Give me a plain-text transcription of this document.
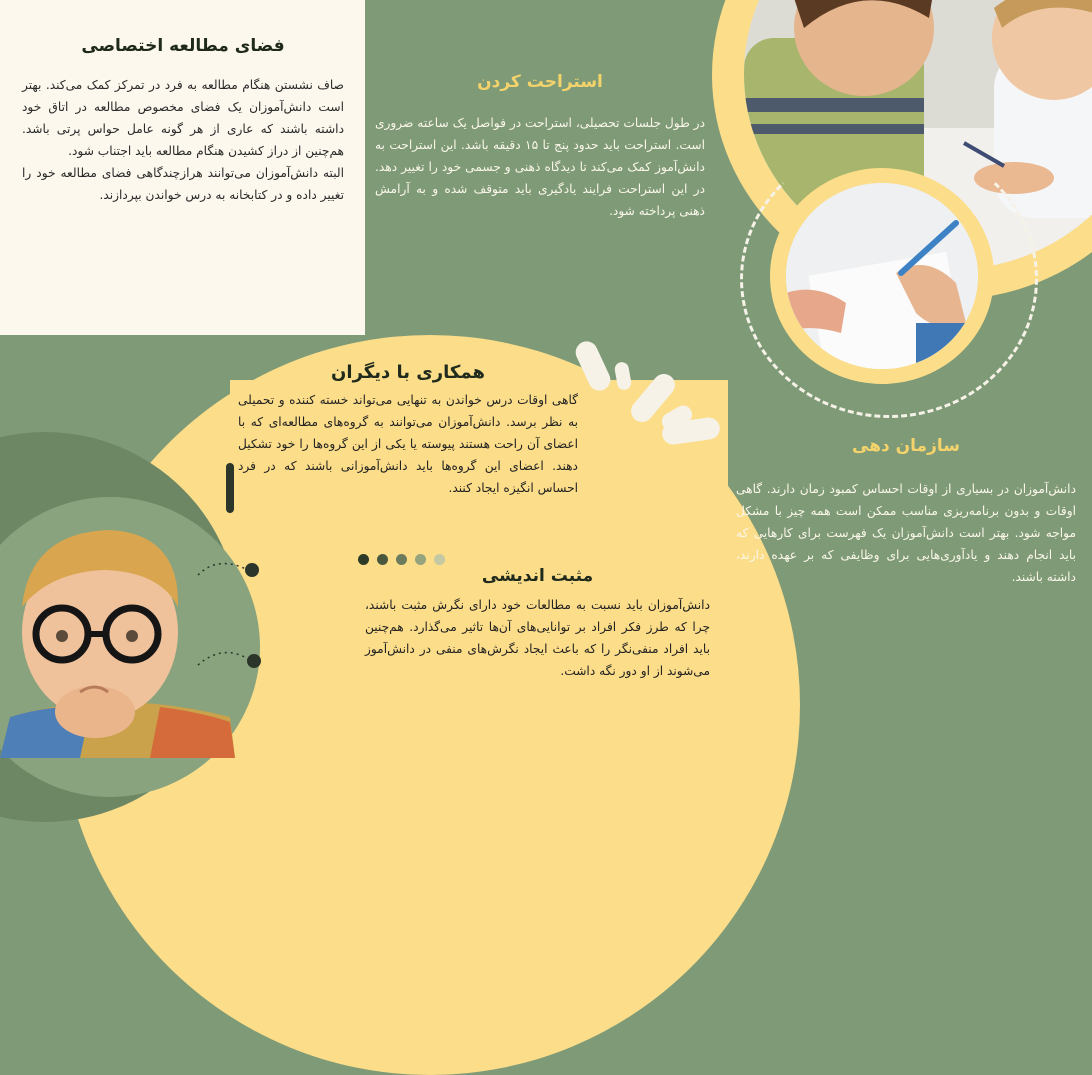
فضای مطالعه اختصاصی

صاف نشستن هنگام مطالعه به فرد در تمرکز کمک می‌کند. بهتر است دانش‌آموزان یک فضای مخصوص مطالعه در اتاق خود داشته باشند که عاری از هر گونه عامل حواس پرتی باشد. هم‌چنین از دراز کشیدن هنگام مطالعه باید اجتناب شود.

البته دانش‌آموزان می‌توانند هرازچندگاهی فضای مطالعه خود را تغییر داده و در کتابخانه به درس خواندن بپردازند.

استراحت کردن

در طول جلسات تحصیلی، استراحت در فواصل یک ساعته ضروری است. استراحت باید حدود پنج تا ۱۵ دقیقه باشد. این استراحت به دانش‌آموز کمک می‌کند تا دیدگاه ذهنی و جسمی خود را تغییر دهد. در این استراحت فرایند یادگیری باید متوقف شده و به آرامش ذهنی پرداخته شود.

همکاری با دیگران

گاهی اوقات درس خواندن به تنهایی می‌تواند خسته کننده و تحمیلی به نظر برسد. دانش‌آموزان می‌توانند به گروه‌های مطالعه‌ای که با اعضای آن راحت هستند پیوسته یا یکی از این گروه‌ها را خود تشکیل دهند. اعضای این گروه‌ها باید دانش‌آموزانی باشند که در فرد احساس انگیزه ایجاد کنند.

مثبت اندیشی

دانش‌آموزان باید نسبت به مطالعات خود دارای نگرش مثبت باشند، چرا که طرز فکر افراد بر توانایی‌های آن‌ها تاثیر می‌گذارد. هم‌چنین باید افراد منفی‌نگر را که باعث ایجاد نگرش‌های منفی در دانش‌آموز می‌شوند از او دور نگه داشت.

سازمان دهی

دانش‌آموزان در بسیاری از اوقات احساس کمبود زمان دارند. گاهی اوقات و بدون برنامه‌ریزی مناسب ممکن است همه چیز با مشکل مواجه شود. بهتر است دانش‌آموزان یک فهرست برای کارهایی که باید انجام دهند و یادآوری‌هایی برای وظایفی که بر عهده دارند، داشته باشند.
